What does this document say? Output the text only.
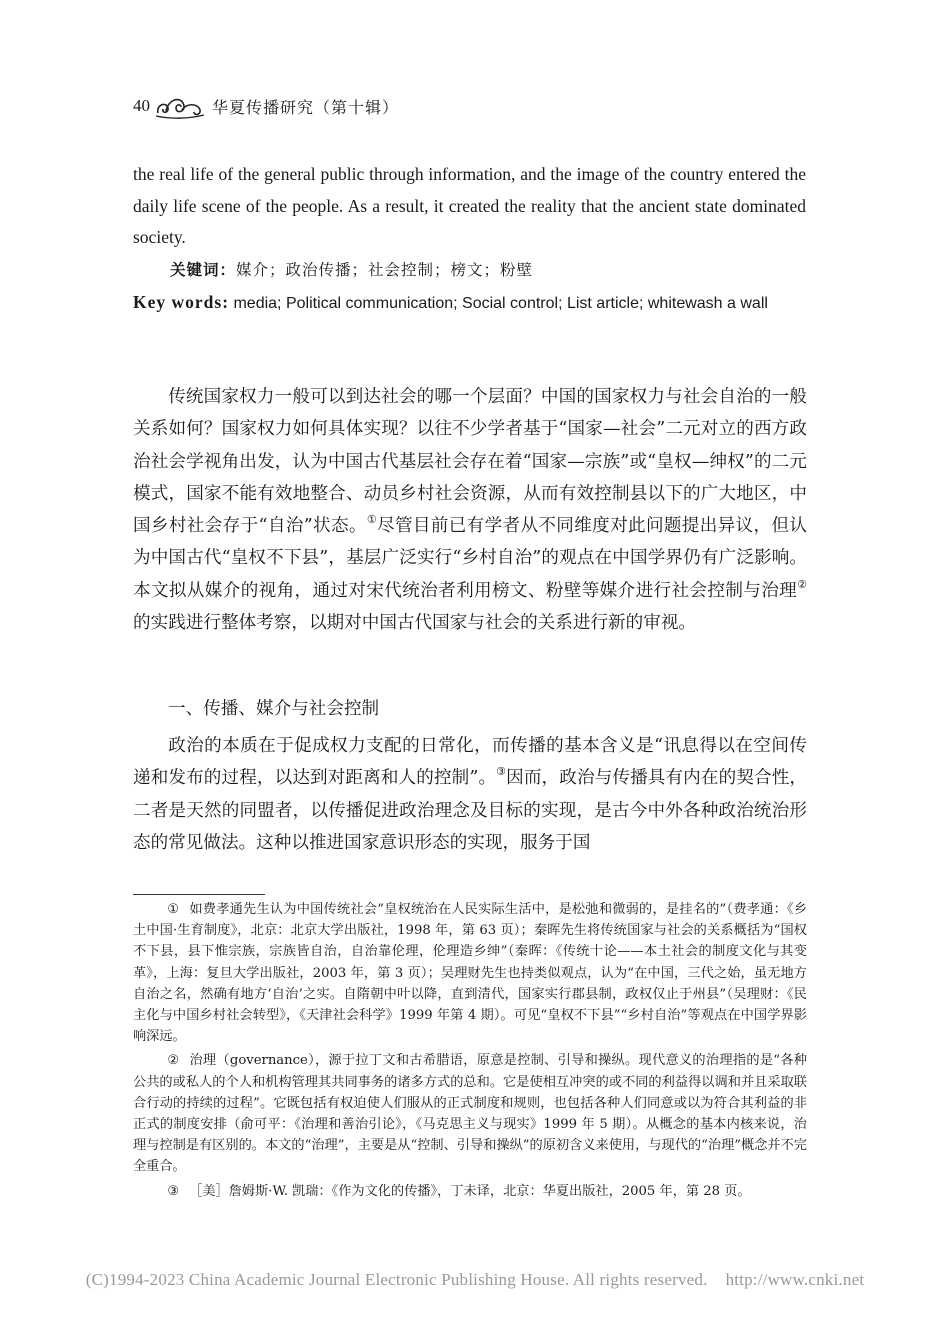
40	华夏传播研究（第十辑）
the real life of the general public through information, and the image of the country entered the daily life scene of the people. As a result, it created the reality that the ancient state dominated society.
关键词：媒介；政治传播；社会控制；榜文；粉壁
Key words: media; Political communication; Social control; List article; whitewash a wall

传统国家权力一般可以到达社会的哪一个层面？中国的国家权力与社会自治的一般关系如何？国家权力如何具体实现？以往不少学者基于“国家—社会”二元对立的西方政治社会学视角出发，认为中国古代基层社会存在着“国家—宗族”或“皇权—绅权”的二元模式，国家不能有效地整合、动员乡村社会资源，从而有效控制县以下的广大地区，中国乡村社会存于“自治”状态。①尽管目前已有学者从不同维度对此问题提出异议，但认为中国古代“皇权不下县”，基层广泛实行“乡村自治”的观点在中国学界仍有广泛影响。本文拟从媒介的视角，通过对宋代统治者利用榜文、粉壁等媒介进行社会控制与治理②的实践进行整体考察，以期对中国古代国家与社会的关系进行新的审视。

一、传播、媒介与社会控制

政治的本质在于促成权力支配的日常化，而传播的基本含义是“讯息得以在空间传递和发布的过程，以达到对距离和人的控制”。③因而，政治与传播具有内在的契合性，二者是天然的同盟者，以传播促进政治理念及目标的实现，是古今中外各种政治统治形态的常见做法。这种以推进国家意识形态的实现，服务于国

① 如费孝通先生认为中国传统社会“皇权统治在人民实际生活中，是松弛和微弱的，是挂名的”（费孝通：《乡土中国·生育制度》，北京：北京大学出版社，1998 年，第 63 页）；秦晖先生将传统国家与社会的关系概括为“国权不下县，县下惟宗族，宗族皆自治，自治靠伦理，伦理造乡绅”（秦晖：《传统十论——本土社会的制度文化与其变革》，上海：复旦大学出版社，2003 年，第 3 页）；吴理财先生也持类似观点，认为“在中国，三代之始，虽无地方自治之名，然确有地方‘自治’之实。自隋朝中叶以降，直到清代，国家实行郡县制，政权仅止于州县”（吴理财：《民主化与中国乡村社会转型》，《天津社会科学》1999 年第 4 期）。可见“皇权不下县”“乡村自治”等观点在中国学界影响深远。

② 治理（governance），源于拉丁文和古希腊语，原意是控制、引导和操纵。现代意义的治理指的是“各种公共的或私人的个人和机构管理其共同事务的诸多方式的总和。它是使相互冲突的或不同的利益得以调和并且采取联合行动的持续的过程”。它既包括有权迫使人们服从的正式制度和规则，也包括各种人们同意或以为符合其利益的非正式的制度安排（俞可平：《治理和善治引论》，《马克思主义与现实》1999 年 5 期）。从概念的基本内核来说，治理与控制是有区别的。本文的“治理”，主要是从“控制、引导和操纵”的原初含义来使用，与现代的“治理”概念并不完全重合。

③ ［美］詹姆斯·W. 凯瑞：《作为文化的传播》，丁未译，北京：华夏出版社，2005 年，第 28 页。

(C)1994-2023 China Academic Journal Electronic Publishing House. All rights reserved. http://www.cnki.net
